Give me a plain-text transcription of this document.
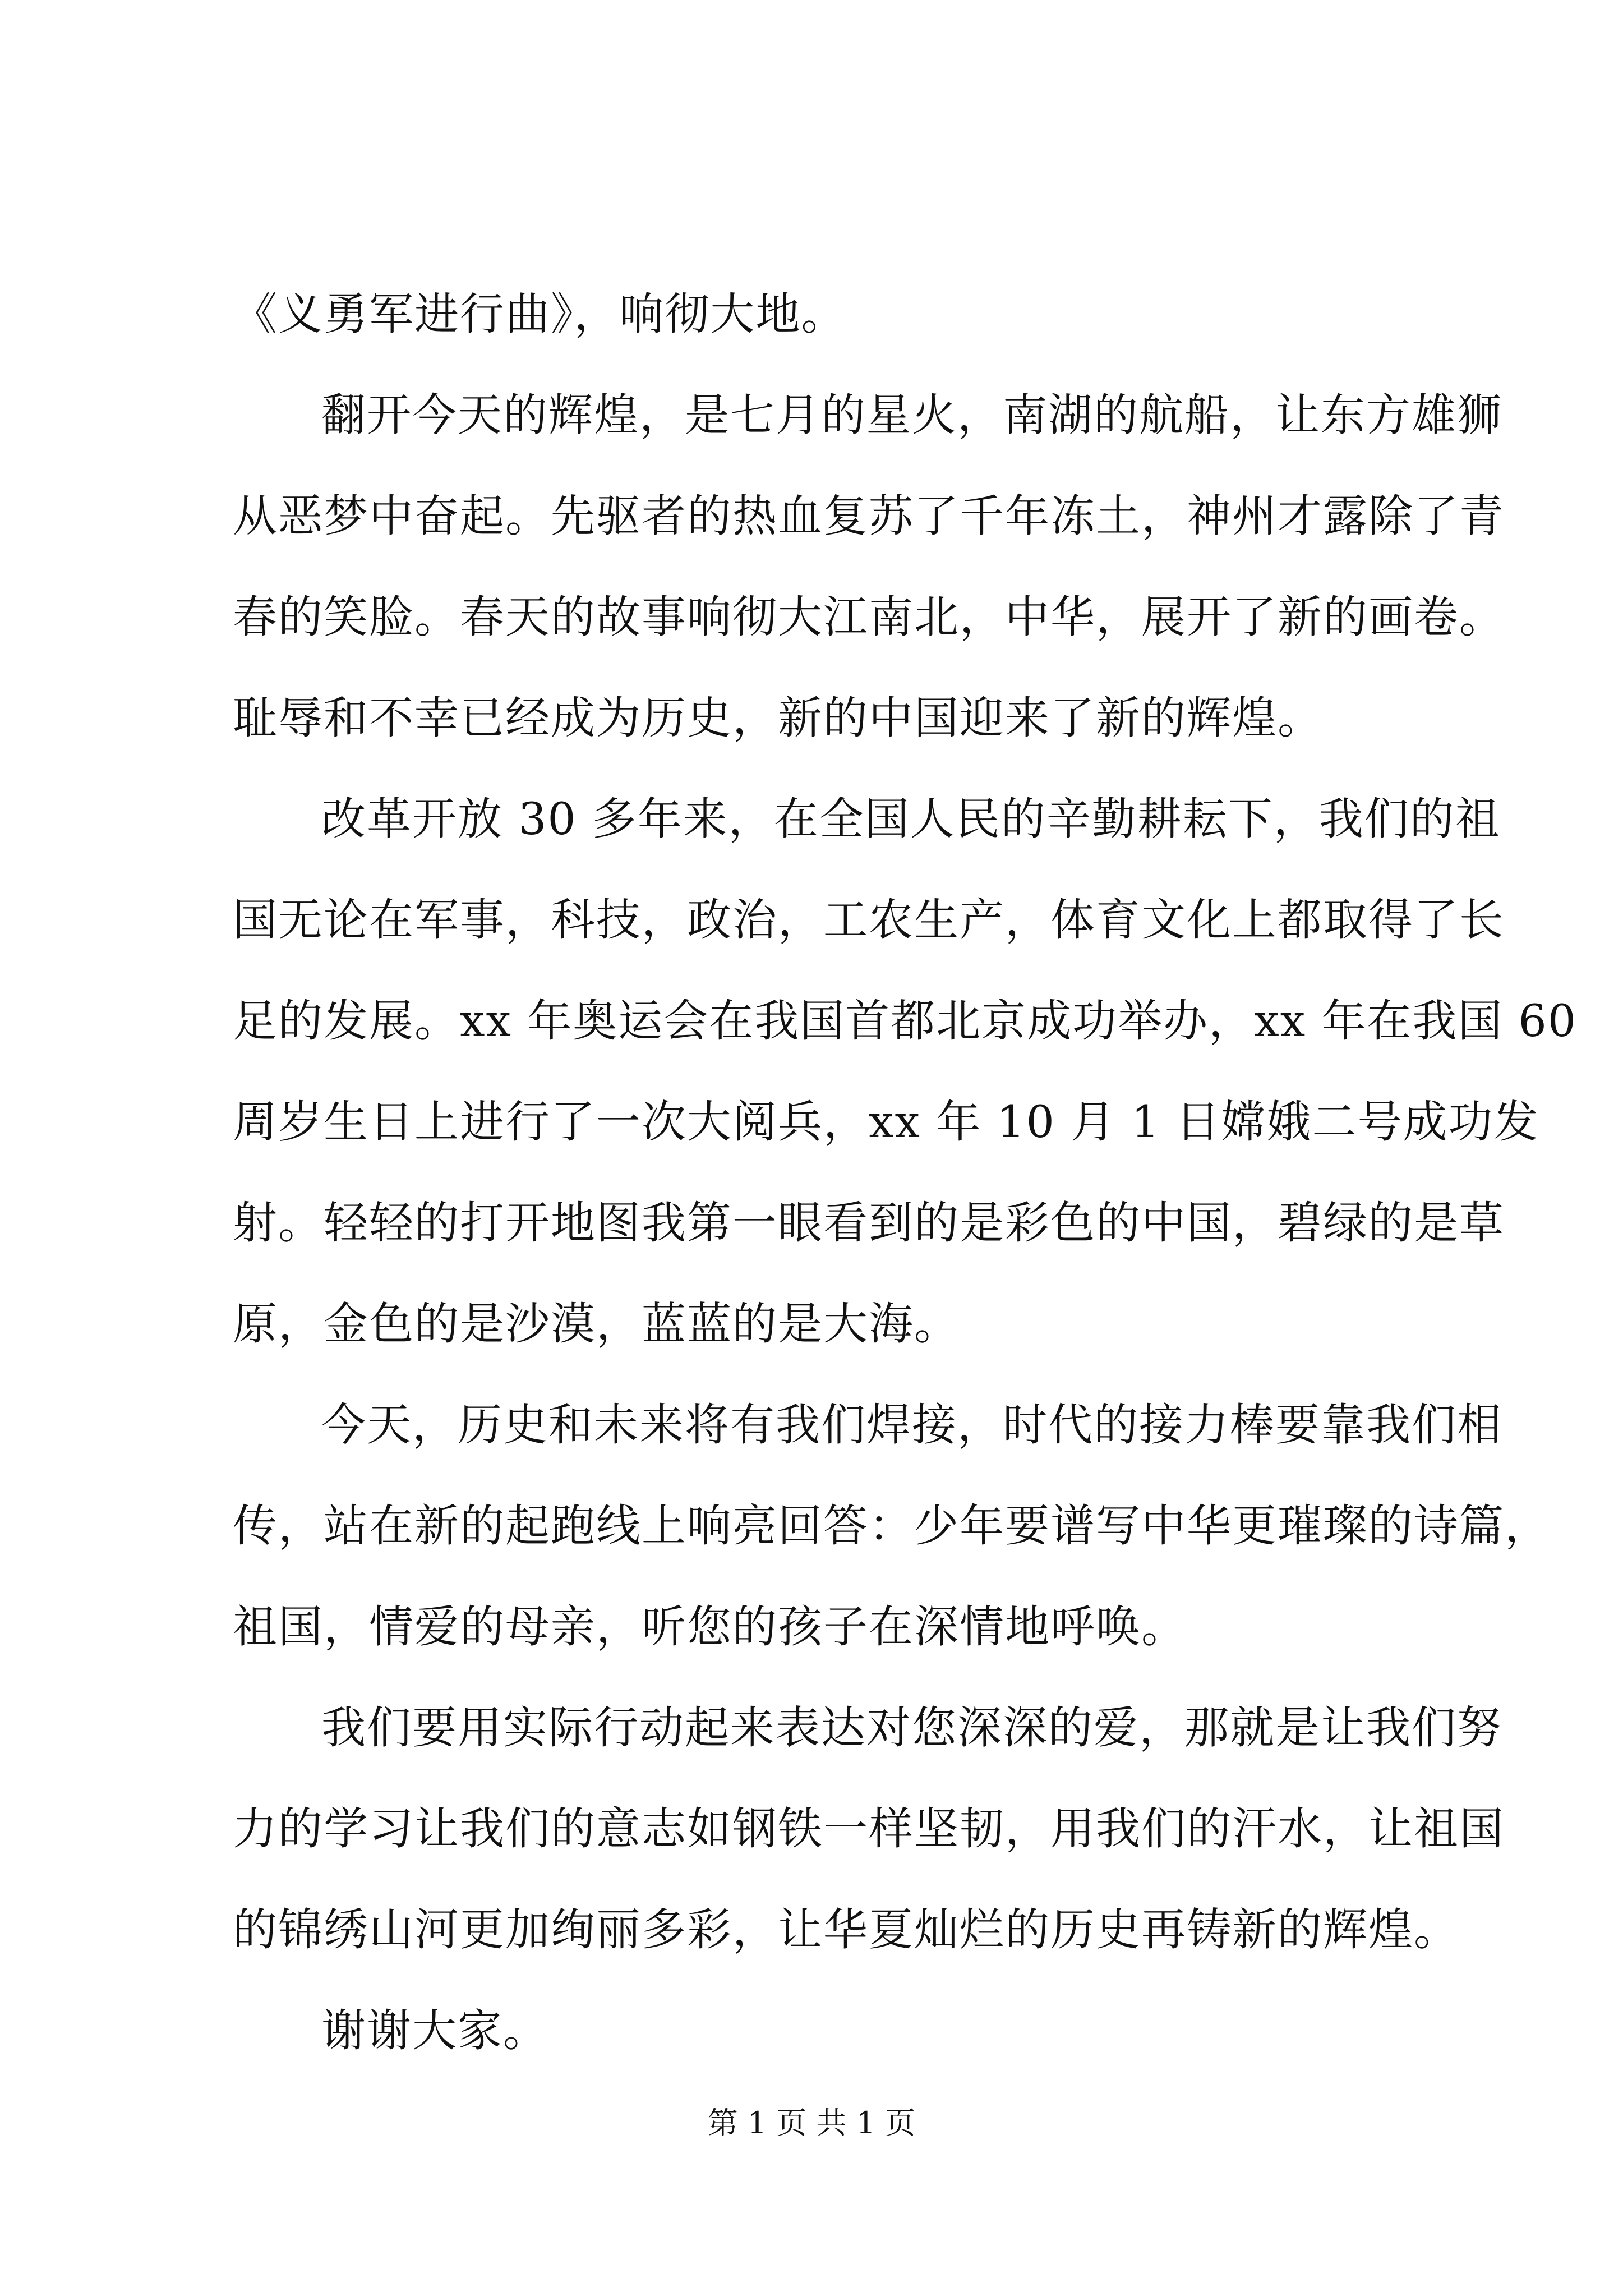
《义勇军进行曲》，响彻大地。
翻开今天的辉煌，是七月的星火，南湖的航船，让东方雄狮
从恶梦中奋起。先驱者的热血复苏了千年冻土，神州才露除了青
春的笑脸。春天的故事响彻大江南北，中华，展开了新的画卷。
耻辱和不幸已经成为历史，新的中国迎来了新的辉煌。
改革开放 30 多年来，在全国人民的辛勤耕耘下，我们的祖
国无论在军事，科技，政治，工农生产，体育文化上都取得了长
足的发展。xx 年奥运会在我国首都北京成功举办，xx 年在我国 60
周岁生日上进行了一次大阅兵，xx 年 10 月 1 日嫦娥二号成功发
射。轻轻的打开地图我第一眼看到的是彩色的中国，碧绿的是草
原，金色的是沙漠，蓝蓝的是大海。
今天，历史和未来将有我们焊接，时代的接力棒要靠我们相
传，站在新的起跑线上响亮回答：少年要谱写中华更璀璨的诗篇，
祖国，情爱的母亲，听您的孩子在深情地呼唤。
我们要用实际行动起来表达对您深深的爱，那就是让我们努
力的学习让我们的意志如钢铁一样坚韧，用我们的汗水，让祖国
的锦绣山河更加绚丽多彩，让华夏灿烂的历史再铸新的辉煌。
谢谢大家。
第 1 页 共 1 页
